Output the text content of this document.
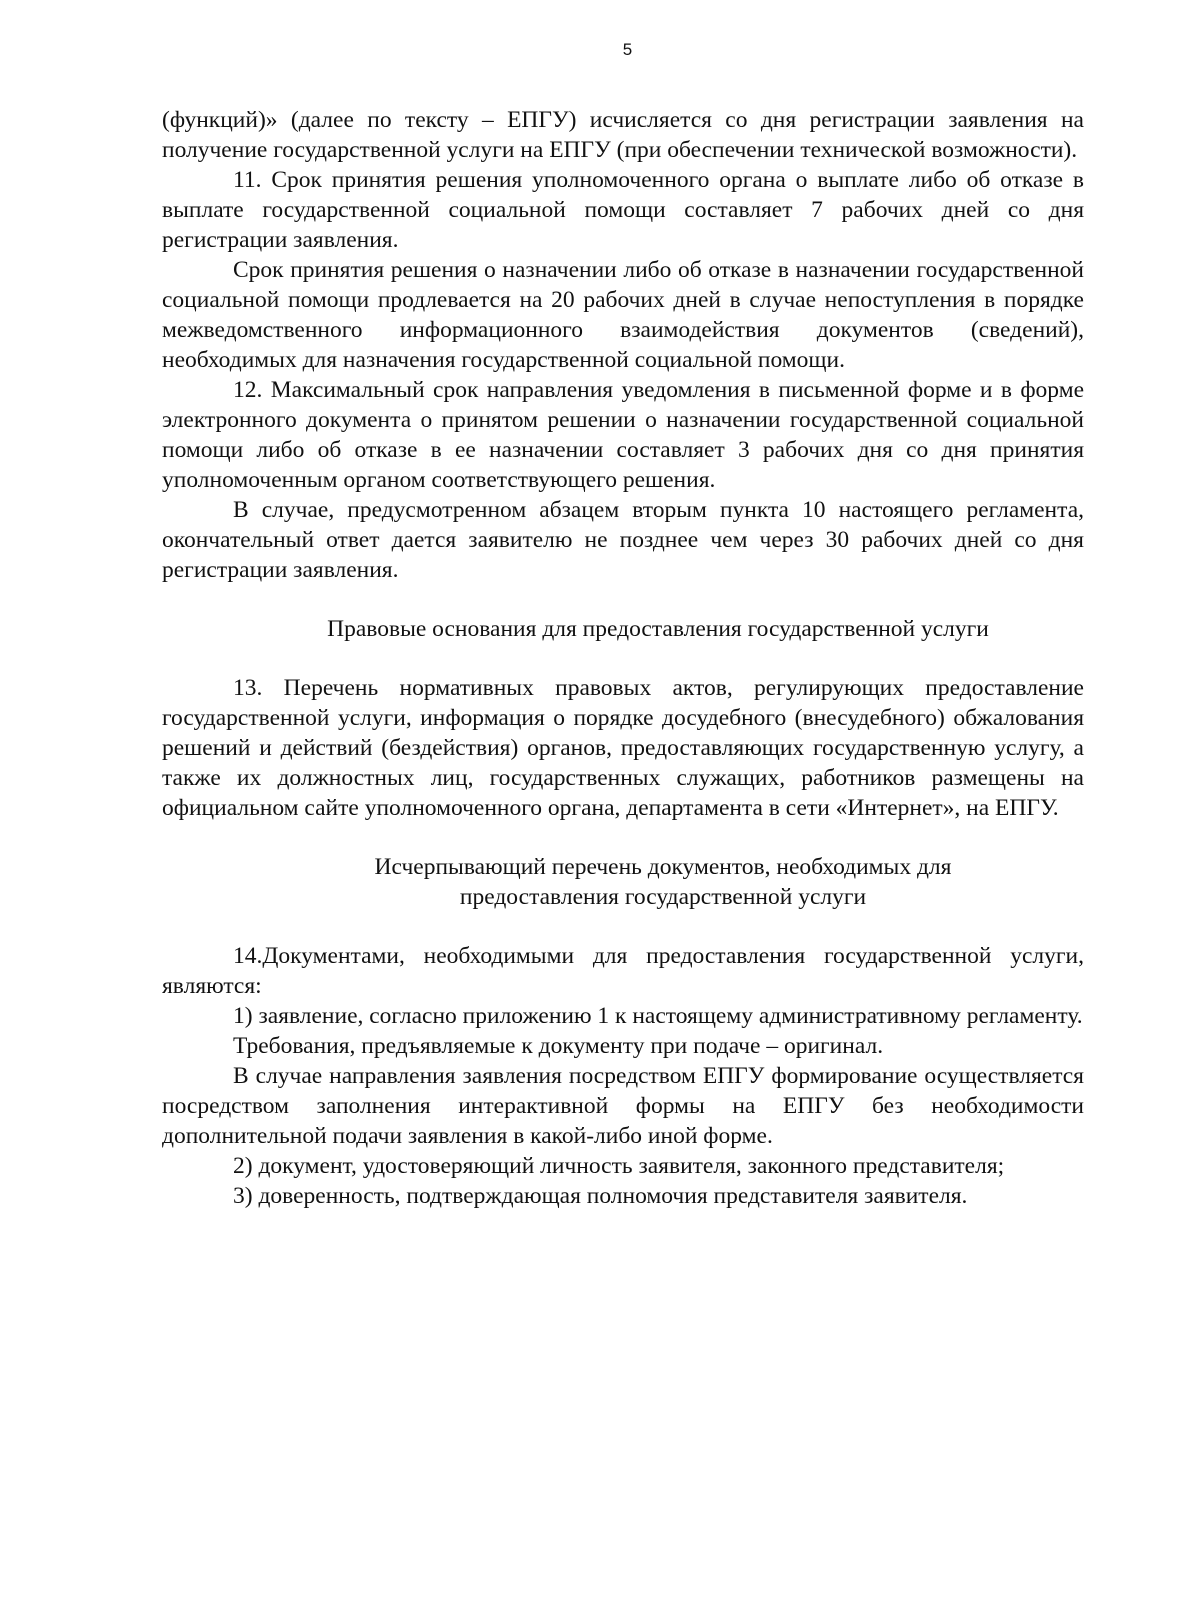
5

(функций)» (далее по тексту – ЕПГУ) исчисляется со дня регистрации заявления на получение государственной услуги на ЕПГУ (при обеспечении технической возможности).

11. Срок принятия решения уполномоченного органа о выплате либо об отказе в выплате государственной социальной помощи составляет 7 рабочих дней со дня регистрации заявления.

Срок принятия решения о назначении либо об отказе в назначении государственной социальной помощи продлевается на 20 рабочих дней в случае непоступления в порядке межведомственного информационного взаимодействия документов (сведений), необходимых для назначения государственной социальной помощи.

12. Максимальный срок направления уведомления в письменной форме и в форме электронного документа о принятом решении о назначении государственной социальной помощи либо об отказе в ее назначении составляет 3 рабочих дня со дня принятия уполномоченным органом соответствующего решения.

В случае, предусмотренном абзацем вторым пункта 10 настоящего регламента, окончательный ответ дается заявителю не позднее чем через 30 рабочих дней со дня регистрации заявления.

Правовые основания для предоставления государственной услуги

13. Перечень нормативных правовых актов, регулирующих предоставление государственной услуги, информация о порядке досудебного (внесудебного) обжалования решений и действий (бездействия) органов, предоставляющих государственную услугу, а также их должностных лиц, государственных служащих, работников размещены на официальном сайте уполномоченного органа, департамента в сети «Интернет», на ЕПГУ.

Исчерпывающий перечень документов, необходимых для
предоставления государственной услуги

14.Документами, необходимыми для предоставления государственной услуги, являются:

1) заявление, согласно приложению 1 к настоящему административному регламенту.

Требования, предъявляемые к документу при подаче – оригинал.

В случае направления заявления посредством ЕПГУ формирование осуществляется посредством заполнения интерактивной формы на ЕПГУ без необходимости дополнительной подачи заявления в какой-либо иной форме.

2) документ, удостоверяющий личность заявителя, законного представителя;

3) доверенность, подтверждающая полномочия представителя заявителя.
